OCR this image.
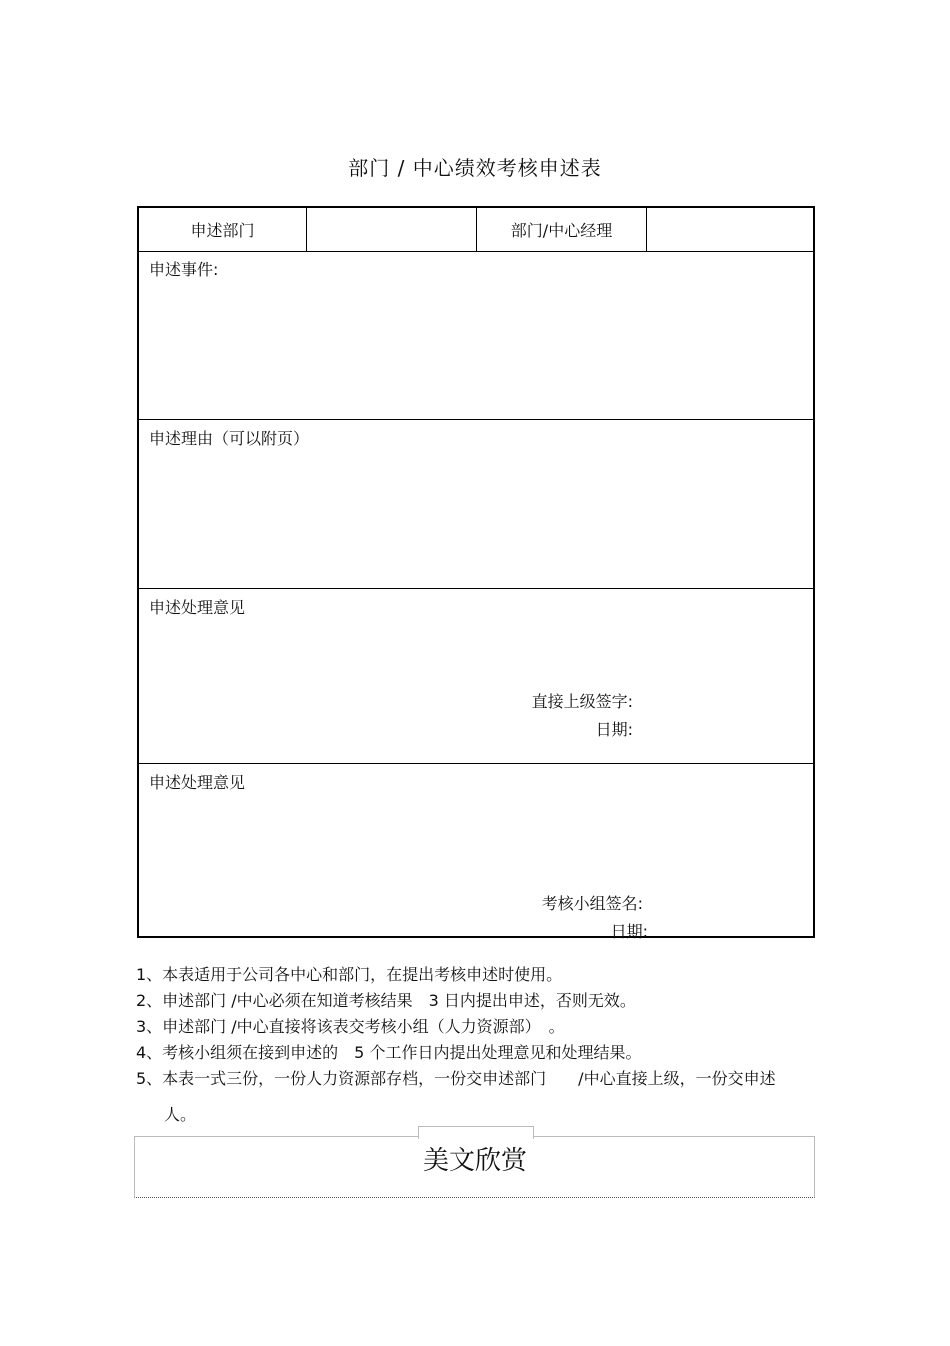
部门 / 中心绩效考核申述表
申述部门	部门/中心经理
申述事件:
申述理由（可以附页）
申述处理意见
直接上级签字:
日期:
申述处理意见
考核小组签名:
日期:
1、本表适用于公司各中心和部门，在提出考核申述时使用。
2、申述部门 /中心必须在知道考核结果　3 日内提出申述，否则无效。
3、申述部门 /中心直接将该表交考核小组（人力资源部）　。
4、考核小组须在接到申述的　5 个工作日内提出处理意见和处理结果。
5、本表一式三份，一份人力资源部存档，一份交申述部门　　/中心直接上级，一份交申述
人。
美文欣赏
